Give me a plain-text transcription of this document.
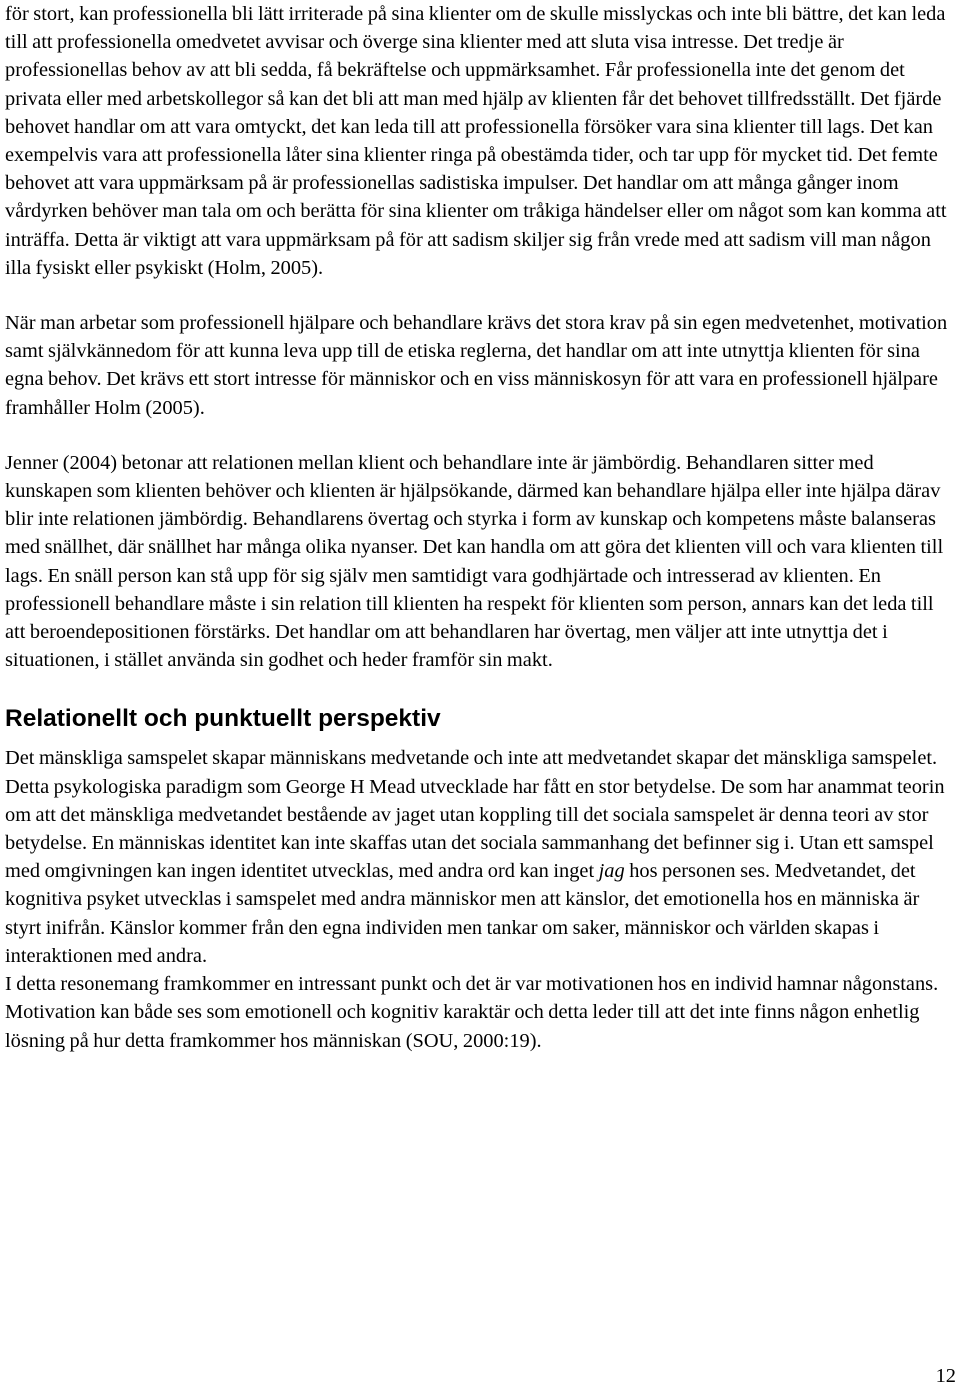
för stort, kan professionella bli lätt irriterade på sina klienter om de skulle misslyckas och inte bli bättre, det kan leda till att professionella omedvetet avvisar och överge sina klienter med att sluta visa intresse. Det tredje är professionellas behov av att bli sedda, få bekräftelse och uppmärksamhet. Får professionella inte det genom det privata eller med arbetskollegor så kan det bli att man med hjälp av klienten får det behovet tillfredsställt. Det fjärde behovet handlar om att vara omtyckt, det kan leda till att professionella försöker vara sina klienter till lags. Det kan exempelvis vara att professionella låter sina klienter ringa på obestämda tider, och tar upp för mycket tid. Det femte behovet att vara uppmärksam på är professionellas sadistiska impulser. Det handlar om att många gånger inom vårdyrken behöver man tala om och berätta för sina klienter om tråkiga händelser eller om något som kan komma att inträffa. Detta är viktigt att vara uppmärksam på för att sadism skiljer sig från vrede med att sadism vill man någon illa fysiskt eller psykiskt (Holm, 2005).

När man arbetar som professionell hjälpare och behandlare krävs det stora krav på sin egen medvetenhet, motivation samt självkännedom för att kunna leva upp till de etiska reglerna, det handlar om att inte utnyttja klienten för sina egna behov. Det krävs ett stort intresse för människor och en viss människosyn för att vara en professionell hjälpare framhåller Holm (2005).

Jenner (2004) betonar att relationen mellan klient och behandlare inte är jämbördig. Behandlaren sitter med kunskapen som klienten behöver och klienten är hjälpsökande, därmed kan behandlare hjälpa eller inte hjälpa därav blir inte relationen jämbördig. Behandlarens övertag och styrka i form av kunskap och kompetens måste balanseras med snällhet, där snällhet har många olika nyanser. Det kan handla om att göra det klienten vill och vara klienten till lags. En snäll person kan stå upp för sig själv men samtidigt vara godhjärtade och intresserad av klienten. En professionell behandlare måste i sin relation till klienten ha respekt för klienten som person, annars kan det leda till att beroendepositionen förstärks. Det handlar om att behandlaren har övertag, men väljer att inte utnyttja det i situationen, i stället använda sin godhet och heder framför sin makt.

Relationellt och punktuellt perspektiv

Det mänskliga samspelet skapar människans medvetande och inte att medvetandet skapar det mänskliga samspelet. Detta psykologiska paradigm som George H Mead utvecklade har fått en stor betydelse. De som har anammat teorin om att det mänskliga medvetandet bestående av jaget utan koppling till det sociala samspelet är denna teori av stor betydelse. En människas identitet kan inte skaffas utan det sociala sammanhang det befinner sig i. Utan ett samspel med omgivningen kan ingen identitet utvecklas, med andra ord kan inget jag hos personen ses. Medvetandet, det kognitiva psyket utvecklas i samspelet med andra människor men att känslor, det emotionella hos en människa är styrt inifrån. Känslor kommer från den egna individen men tankar om saker, människor och världen skapas i interaktionen med andra.

I detta resonemang framkommer en intressant punkt och det är var motivationen hos en individ hamnar någonstans. Motivation kan både ses som emotionell och kognitiv karaktär och detta leder till att det inte finns någon enhetlig lösning på hur detta framkommer hos människan (SOU, 2000:19).

12
